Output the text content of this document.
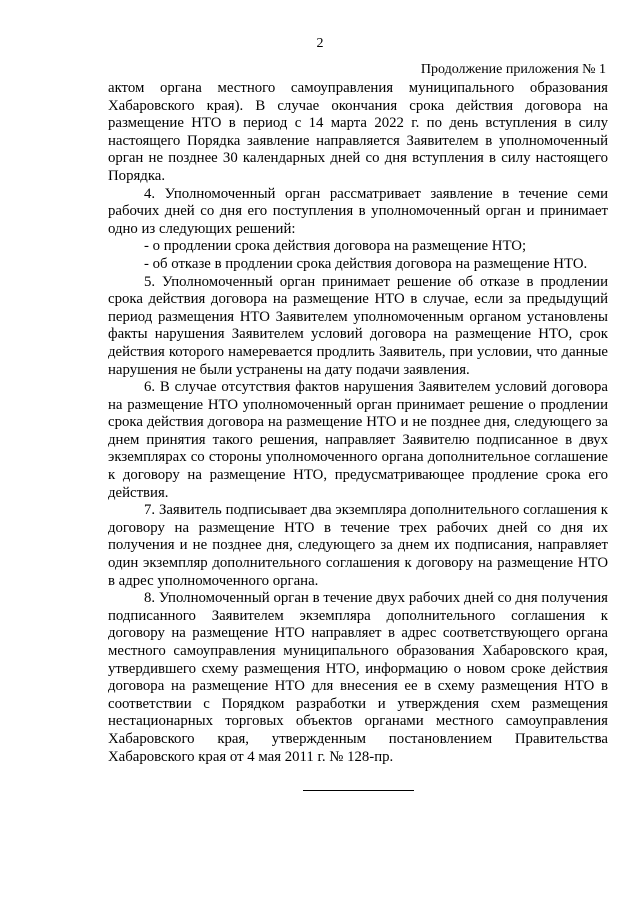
2
Продолжение приложения № 1

актом органа местного самоуправления муниципального образования Хабаровского края). В случае окончания срока действия договора на размещение НТО в период с 14 марта 2022 г. по день вступления в силу настоящего Порядка заявление направляется Заявителем в уполномоченный орган не позднее 30 календарных дней со дня вступления в силу настоящего Порядка.

4. Уполномоченный орган рассматривает заявление в течение семи рабочих дней со дня его поступления в уполномоченный орган и принимает одно из следующих решений:

- о продлении срока действия договора на размещение НТО;

- об отказе в продлении срока действия договора на размещение НТО.

5. Уполномоченный орган принимает решение об отказе в продлении срока действия договора на размещение НТО в случае, если за предыдущий период размещения НТО Заявителем уполномоченным органом установлены факты нарушения Заявителем условий договора на размещение НТО, срок действия которого намеревается продлить Заявитель, при условии, что данные нарушения не были устранены на дату подачи заявления.

6. В случае отсутствия фактов нарушения Заявителем условий договора на размещение НТО уполномоченный орган принимает решение о продлении срока действия договора на размещение НТО и не позднее дня, следующего за днем принятия такого решения, направляет Заявителю подписанное в двух экземплярах со стороны уполномоченного органа дополнительное соглашение к договору на размещение НТО, предусматривающее продление срока его действия.

7. Заявитель подписывает два экземпляра дополнительного соглашения к договору на размещение НТО в течение трех рабочих дней со дня их получения и не позднее дня, следующего за днем их подписания, направляет один экземпляр дополнительного соглашения к договору на размещение НТО в адрес уполномоченного органа.

8. Уполномоченный орган в течение двух рабочих дней со дня получения подписанного Заявителем экземпляра дополнительного соглашения к договору на размещение НТО направляет в адрес соответствующего органа местного самоуправления муниципального образования Хабаровского края, утвердившего схему размещения НТО, информацию о новом сроке действия договора на размещение НТО для внесения ее в схему размещения НТО в соответствии с Порядком разработки и утверждения схем размещения нестационарных торговых объектов органами местного самоуправления Хабаровского края, утвержденным постановлением Правительства Хабаровского края от 4 мая 2011 г. № 128-пр.
